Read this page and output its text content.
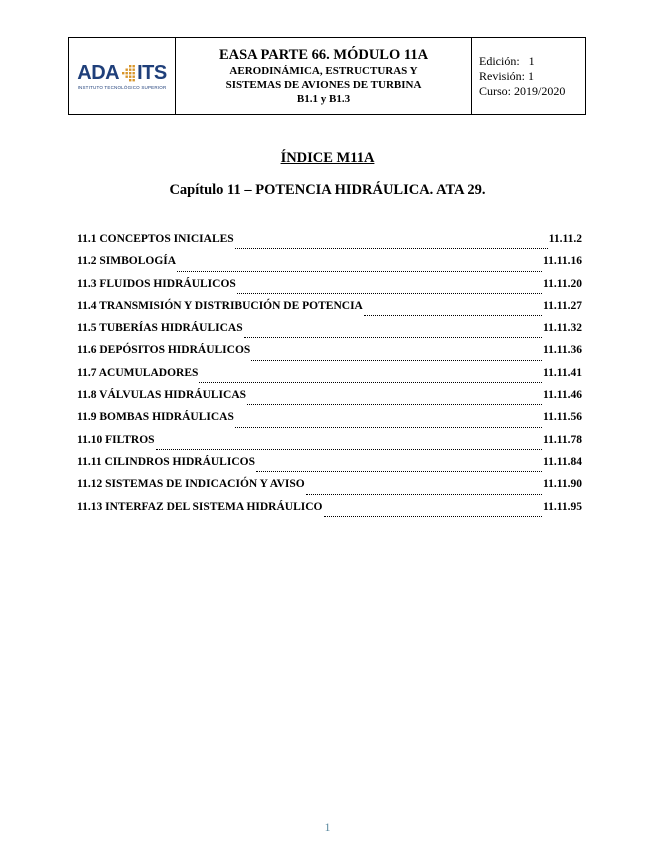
ADA ITS
INSTITUTO TECNOLÓGICO SUPERIOR
EASA PARTE 66. MÓDULO 11A
AERODINÁMICA, ESTRUCTURAS Y
SISTEMAS DE AVIONES DE TURBINA
B1.1 y B1.3
Edición:   1
Revisión: 1
Curso: 2019/2020
ÍNDICE M11A
Capítulo 11 – POTENCIA HIDRÁULICA. ATA 29.
11.1 CONCEPTOS INICIALES	11.11.2
11.2 SIMBOLOGÍA	11.11.16
11.3 FLUIDOS HIDRÁULICOS	11.11.20
11.4 TRANSMISIÓN Y DISTRIBUCIÓN DE POTENCIA	11.11.27
11.5 TUBERÍAS HIDRÁULICAS	11.11.32
11.6 DEPÓSITOS HIDRÁULICOS	11.11.36
11.7 ACUMULADORES	11.11.41
11.8 VÁLVULAS HIDRÁULICAS	11.11.46
11.9 BOMBAS HIDRÁULICAS	11.11.56
11.10 FILTROS	11.11.78
11.11 CILINDROS HIDRÁULICOS	11.11.84
11.12 SISTEMAS DE INDICACIÓN Y AVISO	11.11.90
11.13 INTERFAZ DEL SISTEMA HIDRÁULICO	11.11.95
1
